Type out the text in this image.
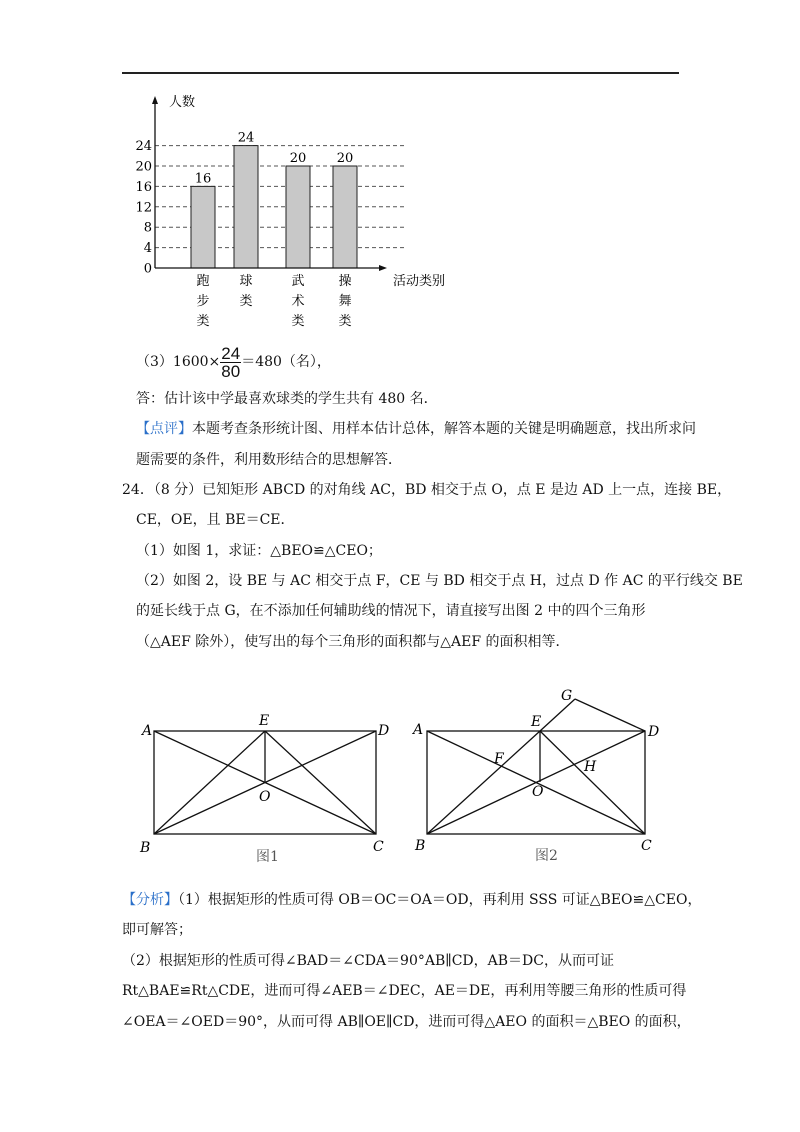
0
4
8
12
16
20
24
16
跑
步
类
24
球
类
20
武
术
类
20
操
舞
类
人数
活动类别
$(3)1600\times \frac{24}{80} =480$（名），
答：估计该中学最喜欢球类的学生共有 480 名．
【点评】本题考查条形统计图、用样本估计总体，解答本题的关键是明确题意，找出所求问
题需要的条件，利用数形结合的思想解答．
24．（8 分）已知矩形 ABCD 的对角线 AC，BD 相交于点 O，点 E 是边 AD 上一点，连接 BE，
CE，OE，且 BE＝CE．
（1）如图 1，求证：△BEO≌△CEO；
（2）如图 2，设 BE 与 AC 相交于点 F，CE 与 BD 相交于点 H，过点 D 作 AC 的平行线交 BE
的延长线于点 G，在不添加任何辅助线的情况下，请直接写出图 2 中的四个三角形
（△AEF 除外），使写出的每个三角形的面积都与△AEF 的面积相等．
A
E
D
O
B	C
图1
G
A	E
D
F	H
O
B	C
图2
【分析】（1）根据矩形的性质可得 OB＝OC＝OA＝OD，再利用 SSS 可证△BEO≌△CEO，
即可解答；
（2）根据矩形的性质可得∠BAD＝∠CDA＝90°AB∥CD，AB＝DC，从而可证
Rt△BAE≌Rt△CDE，进而可得∠AEB＝∠DEC，AE＝DE，再利用等腰三角形的性质可得
∠OEA＝∠OED＝90°，从而可得 AB∥OE∥CD，进而可得△AEO 的面积＝△BEO 的面积，
